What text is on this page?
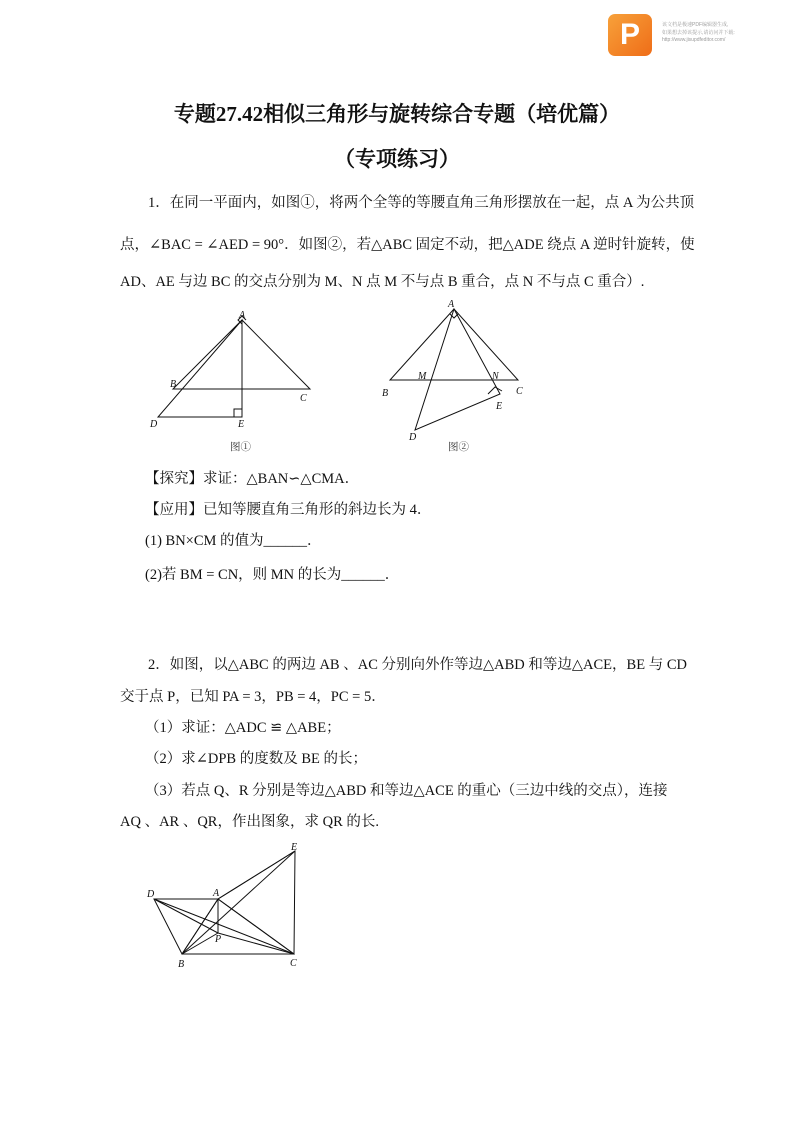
P	该文档是极速PDF编辑器生成,
如果想去掉该提示,请访问并下载:
http://www.jisupdfeditor.com/
专题27.42相似三角形与旋转综合专题（培优篇）
（专项练习）
1．在同一平面内，如图①，将两个全等的等腰直角三角形摆放在一起，点 A 为公共顶
点，∠BAC = ∠AED = 90°．如图②，若△ABC 固定不动，把△ADE 绕点 A 逆时针旋转，使
AD、AE 与边 BC 的交点分别为 M、N 点 M 不与点 B 重合，点 N 不与点 C 重合）.
A
B
C
D	E
图①
A
B	C
M	N
E
D
图②
【探究】求证：△BAN∽△CMA．
【应用】已知等腰直角三角形的斜边长为 4．
(1) BN×CM 的值为______．
(2)若 BM = CN，则 MN 的长为______．
2．如图，以△ABC 的两边 AB 、AC 分别向外作等边△ABD 和等边△ACE，BE 与 CD
交于点 P，已知 PA = 3，PB = 4，PC = 5．
（1）求证：△ADC ≌ △ABE；
（2）求∠DPB 的度数及 BE 的长；
（3）若点 Q、R 分别是等边△ABD 和等边△ACE 的重心（三边中线的交点），连接
AQ 、AR 、QR，作出图象，求 QR 的长.
E
D	A
P
B	C
